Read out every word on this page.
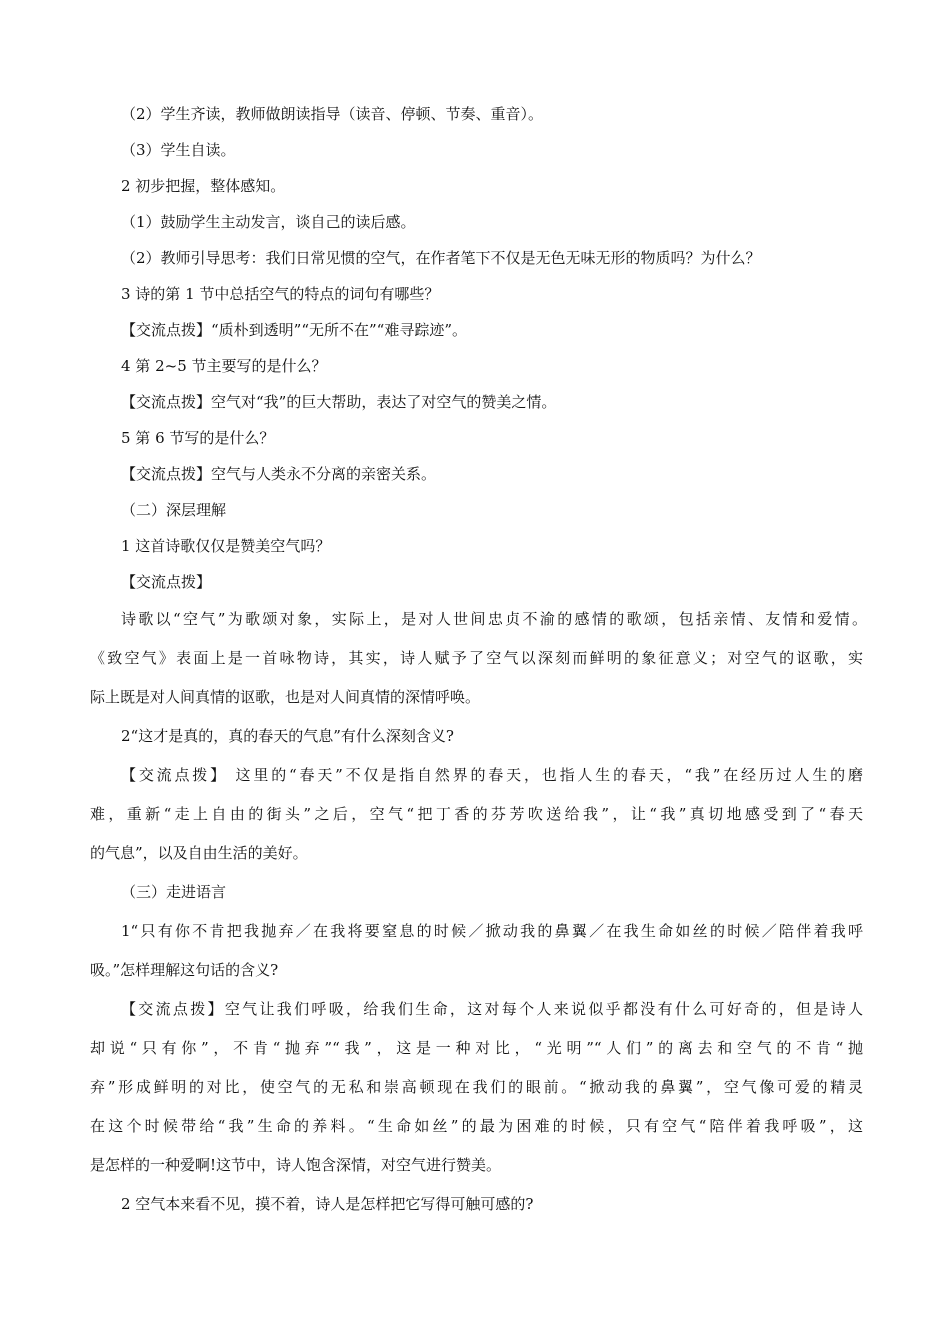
（2）学生齐读，教师做朗读指导（读音、停顿、节奏、重音）。
（3）学生自读。
2 初步把握，整体感知。
（1）鼓励学生主动发言，谈自己的读后感。
（2）教师引导思考：我们日常见惯的空气，在作者笔下不仅是无色无味无形的物质吗？为什么？
3 诗的第 1 节中总括空气的特点的词句有哪些？
【交流点拨】“质朴到透明”“无所不在”“难寻踪迹”。
4 第 2~5 节主要写的是什么？
【交流点拨】空气对“我”的巨大帮助，表达了对空气的赞美之情。
5 第 6 节写的是什么？
【交流点拨】空气与人类永不分离的亲密关系。
（二）深层理解
1 这首诗歌仅仅是赞美空气吗？
【交流点拨】
诗歌以“空气”为歌颂对象，实际上，是对人世间忠贞不渝的感情的歌颂，包括亲情、友情和爱情。
《致空气》表面上是一首咏物诗，其实，诗人赋予了空气以深刻而鲜明的象征意义；对空气的讴歌，实
际上既是对人间真情的讴歌，也是对人间真情的深情呼唤。
2“这才是真的，真的春天的气息”有什么深刻含义?
【交流点拨】 这里的“春天”不仅是指自然界的春天，也指人生的春天，“我”在经历过人生的磨
难，重新“走上自由的街头”之后，空气“把丁香的芬芳吹送给我”，让“我”真切地感受到了“春天
的气息”，以及自由生活的美好。
（三）走进语言
1“只有你不肯把我抛弃／在我将要窒息的时候／掀动我的鼻翼／在我生命如丝的时候／陪伴着我呼
吸。”怎样理解这句话的含义?
【交流点拨】空气让我们呼吸，给我们生命，这对每个人来说似乎都没有什么可好奇的，但是诗人
却说“只有你”，不肯“抛弃”“我”，这是一种对比，“光明”“人们”的离去和空气的不肯“抛
弃”形成鲜明的对比，使空气的无私和崇高顿现在我们的眼前。“掀动我的鼻翼”，空气像可爱的精灵
在这个时候带给“我”生命的养料。“生命如丝”的最为困难的时候，只有空气“陪伴着我呼吸”，这
是怎样的一种爱啊!这节中，诗人饱含深情，对空气进行赞美。
2 空气本来看不见，摸不着，诗人是怎样把它写得可触可感的?
